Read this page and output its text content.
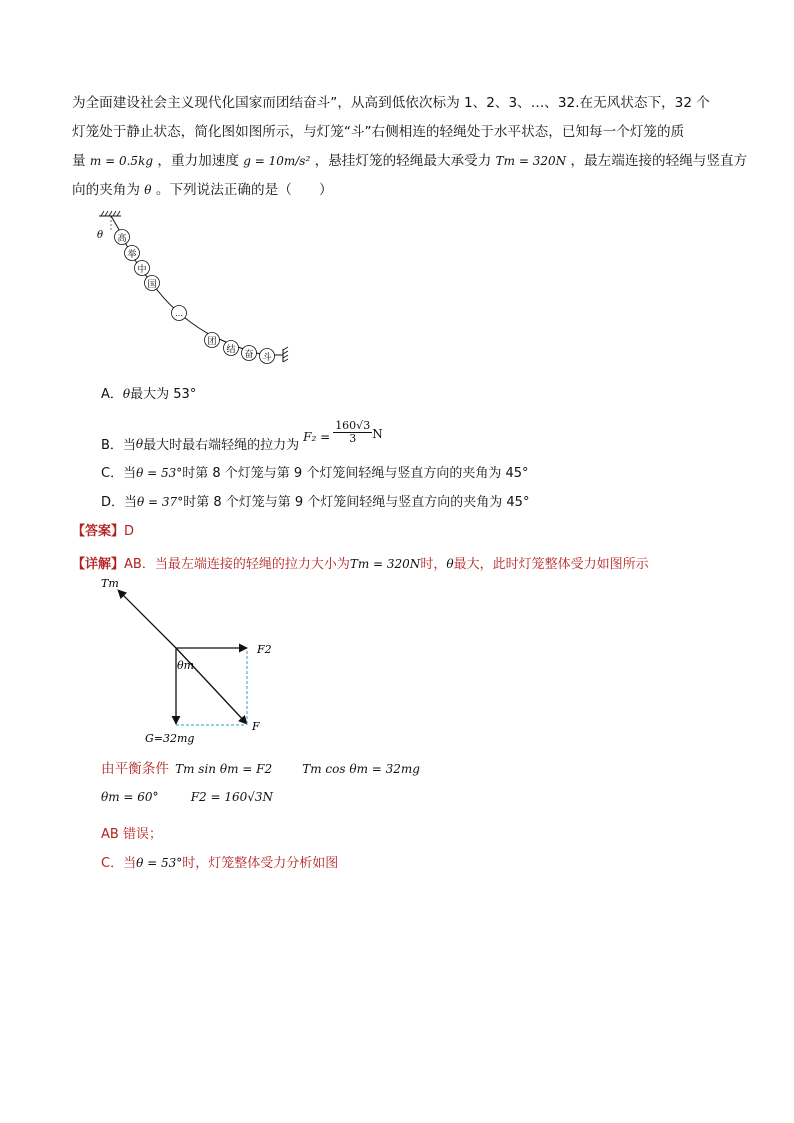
为全面建设社会主义现代化国家而团结奋斗”，从高到低依次标为 1、2、3、…、32.在无风状态下，32 个
灯笼处于静止状态，简化图如图所示，与灯笼“斗”右侧相连的轻绳处于水平状态，已知每一个灯笼的质
量 m = 0.5kg ，重力加速度 g = 10m/s² ，悬挂灯笼的轻绳最大承受力 Tm = 320N ，最左端连接的轻绳与竖直方
向的夹角为 θ 。下列说法正确的是（　　）
θ 高
举
中
国
…
团
结 奋 斗
A．θ最大为 53°
B．当 θ 最大时最右端轻绳的拉力为
$F_2 = \frac{160√3}{3}$ N
C．当θ = 53°时第 8 个灯笼与第 9 个灯笼间轻绳与竖直方向的夹角为 45°
D．当θ = 37°时第 8 个灯笼与第 9 个灯笼间轻绳与竖直方向的夹角为 45°
【答案】D
【详解】AB．当最左端连接的轻绳的拉力大小为Tm = 320N时，θ最大，此时灯笼整体受力如图所示
Tm
F2
θm
F
G=32mg
由平衡条件 Tm sin θm = F2	Tm cos θm = 32mg
θm = 60°	F2 = 160√3N
AB 错误；
C．当θ = 53°时，灯笼整体受力分析如图
